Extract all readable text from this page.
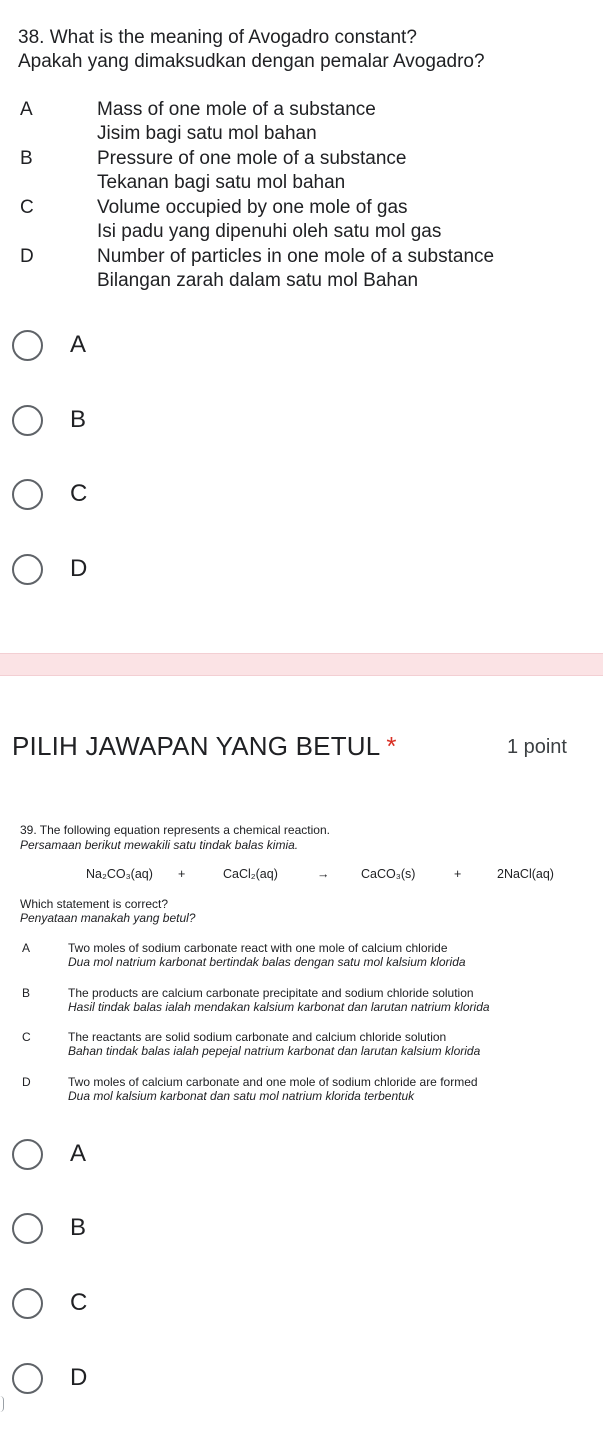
38. What is the meaning of Avogadro constant?
Apakah yang dimaksudkan dengan pemalar Avogadro?
A	Mass of one mole of a substance
Jisim bagi satu mol bahan
B	Pressure of one mole of a substance
Tekanan bagi satu mol bahan
C	Volume occupied by one mole of gas
Isi padu yang dipenuhi oleh satu mol gas
D	Number of particles in one mole of a substance
Bilangan zarah dalam satu mol Bahan
A
B
C
D
PILIH JAWAPAN YANG BETUL *	1 point
39. The following equation represents a chemical reaction.
Persamaan berikut mewakili satu tindak balas kimia.
Na₂CO₃(aq) +	CaCl₂(aq)	→	CaCO₃(s)	+	2NaCl(aq)
Which statement is correct?
Penyataan manakah yang betul?
A	Two moles of sodium carbonate react with one mole of calcium chloride
Dua mol natrium karbonat bertindak balas dengan satu mol kalsium klorida
B	The products are calcium carbonate precipitate and sodium chloride solution
Hasil tindak balas ialah mendakan kalsium karbonat dan larutan natrium klorida
C	The reactants are solid sodium carbonate and calcium chloride solution
Bahan tindak balas ialah pepejal natrium karbonat dan larutan kalsium klorida
D	Two moles of calcium carbonate and one mole of sodium chloride are formed
Dua mol kalsium karbonat dan satu mol natrium klorida terbentuk
A
B
C
D
